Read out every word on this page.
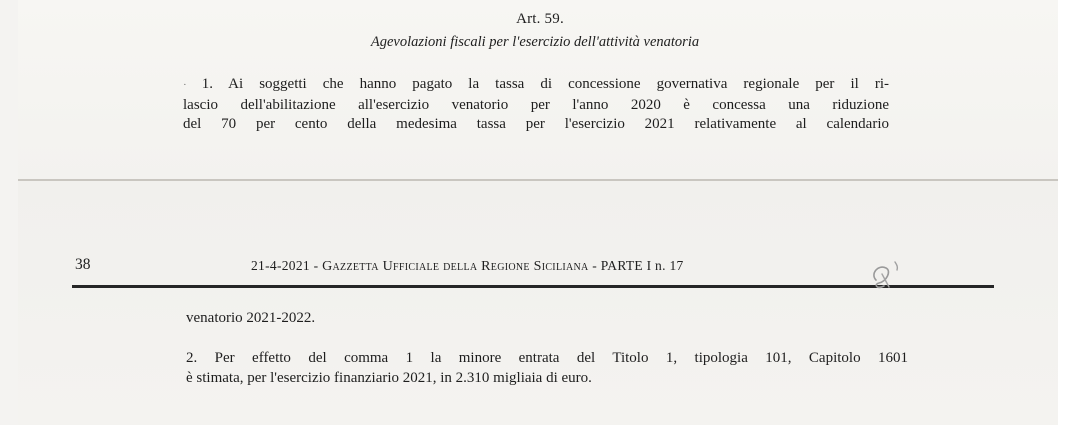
Art. 59.
Agevolazioni fiscali per l'esercizio dell'attività venatoria
· 1. Ai soggetti che hanno pagato la tassa di concessione governativa regionale per il ri-
lascio dell'abilitazione all'esercizio venatorio per l'anno 2020 è concessa una riduzione
del 70 per cento della medesima tassa per l'esercizio 2021 relativamente al calendario
38	21-4-2021 - Gazzetta Ufficiale della Regione Siciliana - PARTE I n. 17
venatorio 2021-2022.
2. Per effetto del comma 1 la minore entrata del Titolo 1, tipologia 101, Capitolo 1601
è stimata, per l'esercizio finanziario 2021, in 2.310 migliaia di euro.
